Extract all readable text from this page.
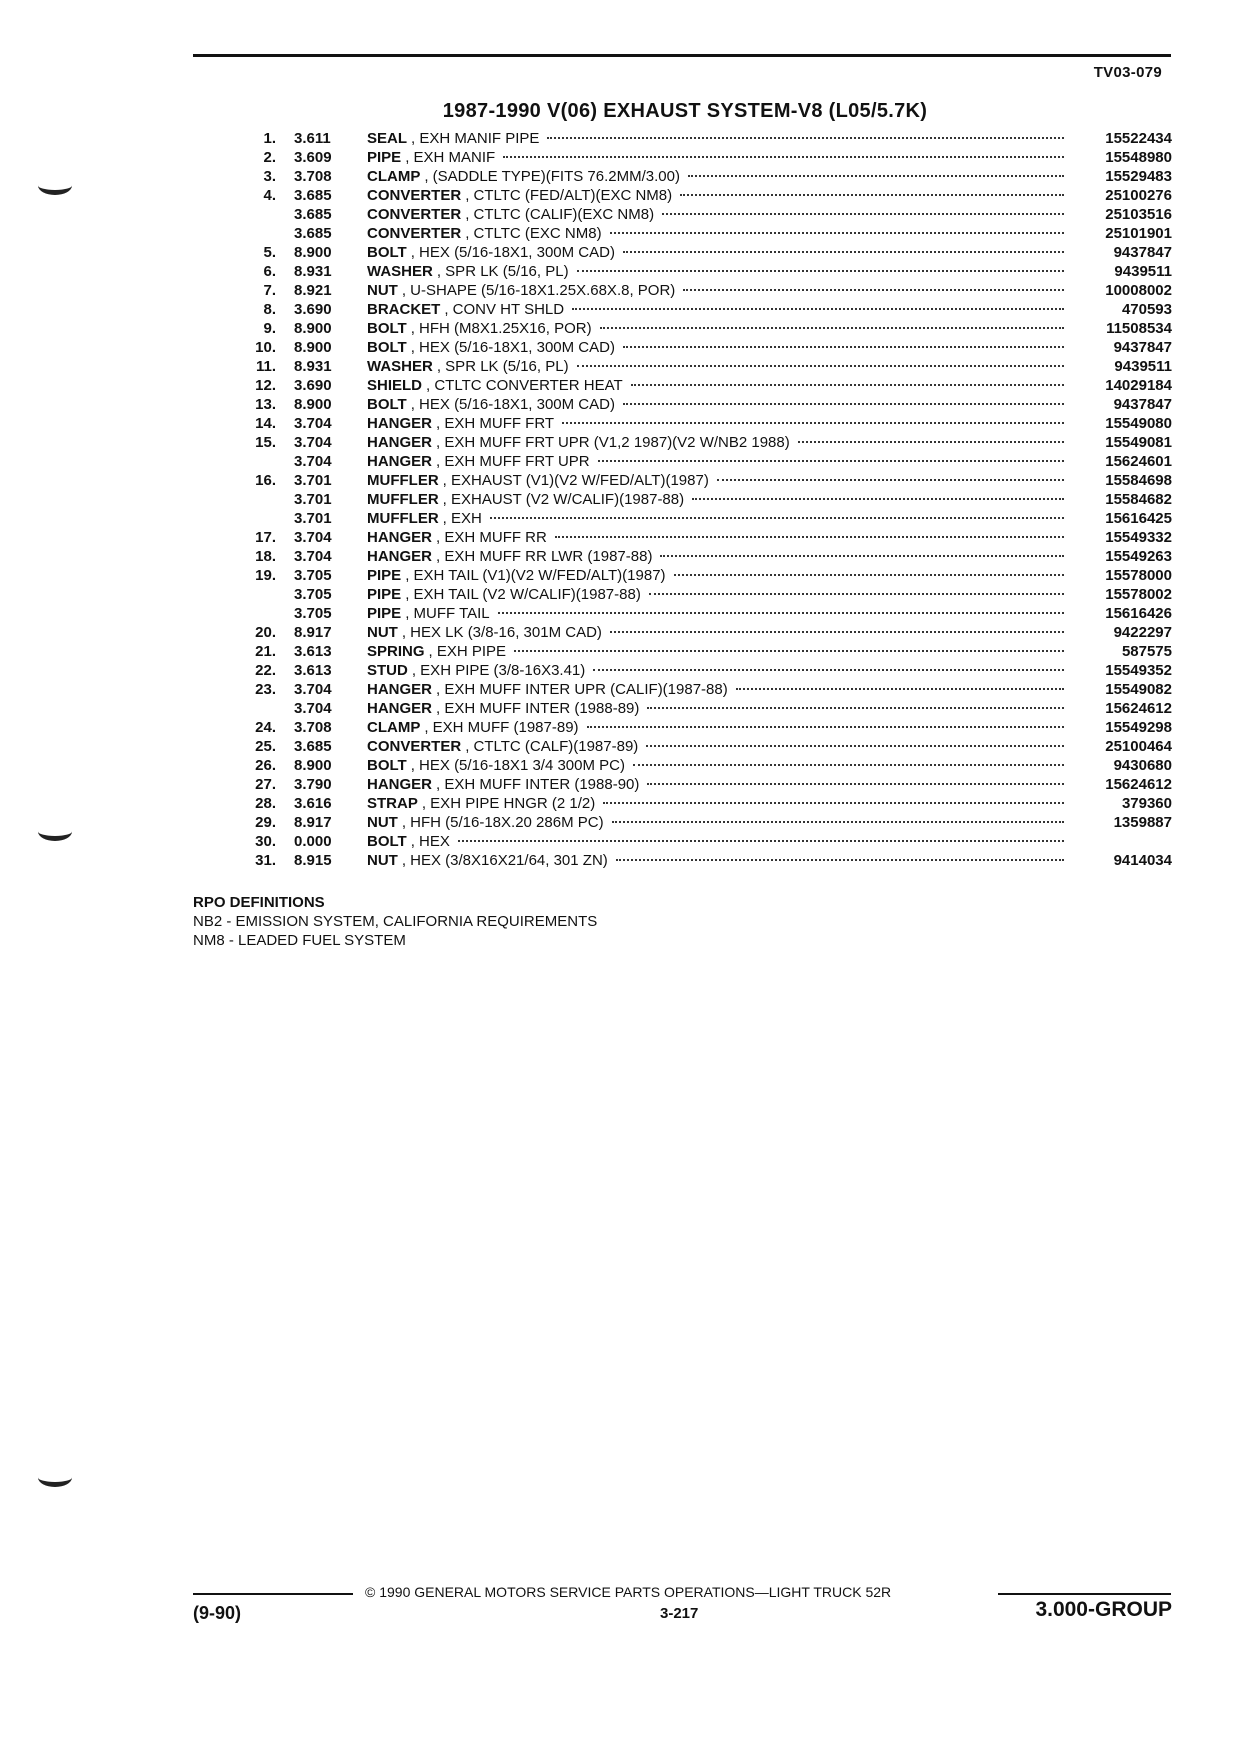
TV03-079
1987-1990 V(06) EXHAUST SYSTEM-V8 (L05/5.7K)
1. 3.611	SEAL , EXH MANIF PIPE	15522434
2. 3.609	PIPE , EXH MANIF	15548980
3. 3.708	CLAMP , (SADDLE TYPE)(FITS 76.2MM/3.00)	15529483
4. 3.685	CONVERTER , CTLTC (FED/ALT)(EXC NM8)	25100276
3.685	CONVERTER , CTLTC (CALIF)(EXC NM8)	25103516
3.685	CONVERTER , CTLTC (EXC NM8)	25101901
5. 8.900	BOLT , HEX (5/16-18X1, 300M CAD)	9437847
6. 8.931	WASHER , SPR LK (5/16, PL)	9439511
7. 8.921	NUT , U-SHAPE (5/16-18X1.25X.68X.8, POR)	10008002
8. 3.690	BRACKET , CONV HT SHLD	470593
9. 8.900	BOLT , HFH (M8X1.25X16, POR)	11508534
10. 8.900	BOLT , HEX (5/16-18X1, 300M CAD)	9437847
11. 8.931	WASHER , SPR LK (5/16, PL)	9439511
12. 3.690	SHIELD , CTLTC CONVERTER HEAT	14029184
13. 8.900	BOLT , HEX (5/16-18X1, 300M CAD)	9437847
14. 3.704	HANGER , EXH MUFF FRT	15549080
15. 3.704	HANGER , EXH MUFF FRT UPR (V1,2 1987)(V2 W/NB2 1988)	15549081
3.704	HANGER , EXH MUFF FRT UPR	15624601
16. 3.701	MUFFLER , EXHAUST (V1)(V2 W/FED/ALT)(1987)	15584698
3.701	MUFFLER , EXHAUST (V2 W/CALIF)(1987-88)	15584682
3.701	MUFFLER , EXH	15616425
17. 3.704	HANGER , EXH MUFF RR	15549332
18. 3.704	HANGER , EXH MUFF RR LWR (1987-88)	15549263
19. 3.705	PIPE , EXH TAIL (V1)(V2 W/FED/ALT)(1987)	15578000
3.705	PIPE , EXH TAIL (V2 W/CALIF)(1987-88)	15578002
3.705	PIPE , MUFF TAIL	15616426
20. 8.917	NUT , HEX LK (3/8-16, 301M CAD)	9422297
21. 3.613	SPRING , EXH PIPE	587575
22. 3.613	STUD , EXH PIPE (3/8-16X3.41)	15549352
23. 3.704	HANGER , EXH MUFF INTER UPR (CALIF)(1987-88)	15549082
3.704	HANGER , EXH MUFF INTER (1988-89)	15624612
24. 3.708	CLAMP , EXH MUFF (1987-89)	15549298
25. 3.685	CONVERTER , CTLTC (CALF)(1987-89)	25100464
26. 8.900	BOLT , HEX (5/16-18X1 3/4 300M PC)	9430680
27. 3.790	HANGER , EXH MUFF INTER (1988-90)	15624612
28. 3.616	STRAP , EXH PIPE HNGR (2 1/2)	379360
29. 8.917	NUT , HFH (5/16-18X.20 286M PC)	1359887
30. 0.000	BOLT , HEX
31. 8.915	NUT , HEX (3/8X16X21/64, 301 ZN)	9414034
RPO DEFINITIONS
NB2 - EMISSION SYSTEM, CALIFORNIA REQUIREMENTS
NM8 - LEADED FUEL SYSTEM
© 1990 GENERAL MOTORS SERVICE PARTS OPERATIONS—LIGHT TRUCK 52R
(9-90)	3-217	3.000-GROUP
